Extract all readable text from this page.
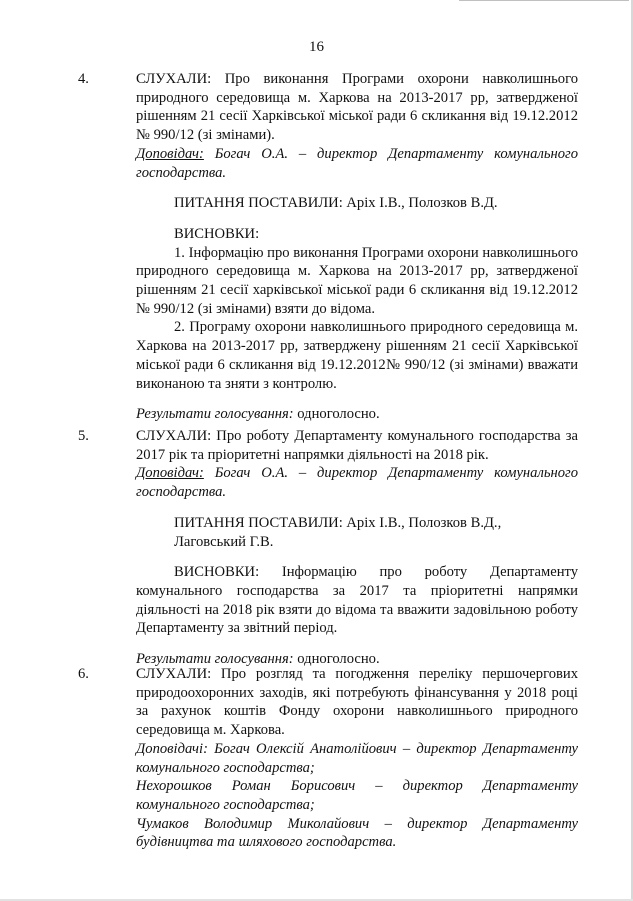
16
4.	СЛУХАЛИ: Про виконання Програми охорони навколишнього природного середовища м. Харкова на 2013-2017 рр, затвердженої рішенням 21 сесії Харківської міської ради 6 скликання від 19.12.2012 № 990/12 (зі змінами).

Доповідач: Богач О.А. – директор Департаменту комунального господарства.

ПИТАННЯ ПОСТАВИЛИ: Аріх І.В., Полозков В.Д.

ВИСНОВКИ:

1. Інформацію про виконання Програми охорони навколишнього природного середовища м. Харкова на 2013-2017 рр, затвердженої рішенням 21 сесії харківської міської ради 6 скликання від 19.12.2012 № 990/12 (зі змінами) взяти до відома.

2. Програму охорони навколишнього природного середовища м. Харкова на 2013-2017 рр, затверджену рішенням 21 сесії Харківської міської ради 6 скликання від 19.12.2012№ 990/12 (зі змінами) вважати виконаною та зняти з контролю.

Результати голосування: одноголосно.

5.	СЛУХАЛИ: Про роботу Департаменту комунального господарства за 2017 рік та пріоритетні напрямки діяльності на 2018 рік.

Доповідач: Богач О.А. – директор Департаменту комунального господарства.

ПИТАННЯ ПОСТАВИЛИ: Аріх І.В., Полозков В.Д.,

Лаговський Г.В.

ВИСНОВКИ: Інформацію про роботу Департаменту комунального господарства за 2017 та пріоритетні напрямки діяльності на 2018 рік взяти до відома та вважити задовільною роботу Департаменту за звітний період.

Результати голосування: одноголосно.

6.	СЛУХАЛИ: Про розгляд та погодження переліку першочергових природоохоронних заходів, які потребують фінансування у 2018 році за рахунок коштів Фонду охорони навколишнього природного середовища м. Харкова.

Доповідачі: Богач Олексій Анатолійович – директор Департаменту комунального господарства;

Нехорошков Роман Борисович – директор Департаменту комунального господарства;

Чумаков Володимир Миколайович – директор Департаменту будівництва та шляхового господарства.
